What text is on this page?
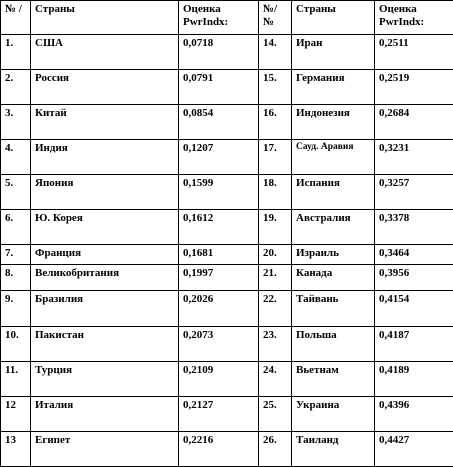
№ /	Страны	Оценка PwrIndx:	№/ №	Страны	Оценка PwrIndx:
1.	США	0,0718	14.	Иран	0,2511
2.	Россия	0,0791	15.	Германия	0,2519
3.	Китай	0,0854	16.	Индонезия	0,2684
4.	Индия	0,1207	17.	Сауд. Аравия	0,3231
5.	Япония	0,1599	18.	Испания	0,3257
6.	Ю. Корея	0,1612	19.	Австралия	0,3378
7.	Франция	0,1681	20.	Израиль	0,3464
8.	Великобритания	0,1997	21.	Канада	0,3956
9.	Бразилия	0,2026	22.	Тайвань	0,4154
10.	Пакистан	0,2073	23.	Польша	0,4187
11.	Турция	0,2109	24.	Вьетнам	0,4189
12	Италия	0,2127	25.	Украина	0,4396
13	Египет	0,2216	26.	Таиланд	0,4427
